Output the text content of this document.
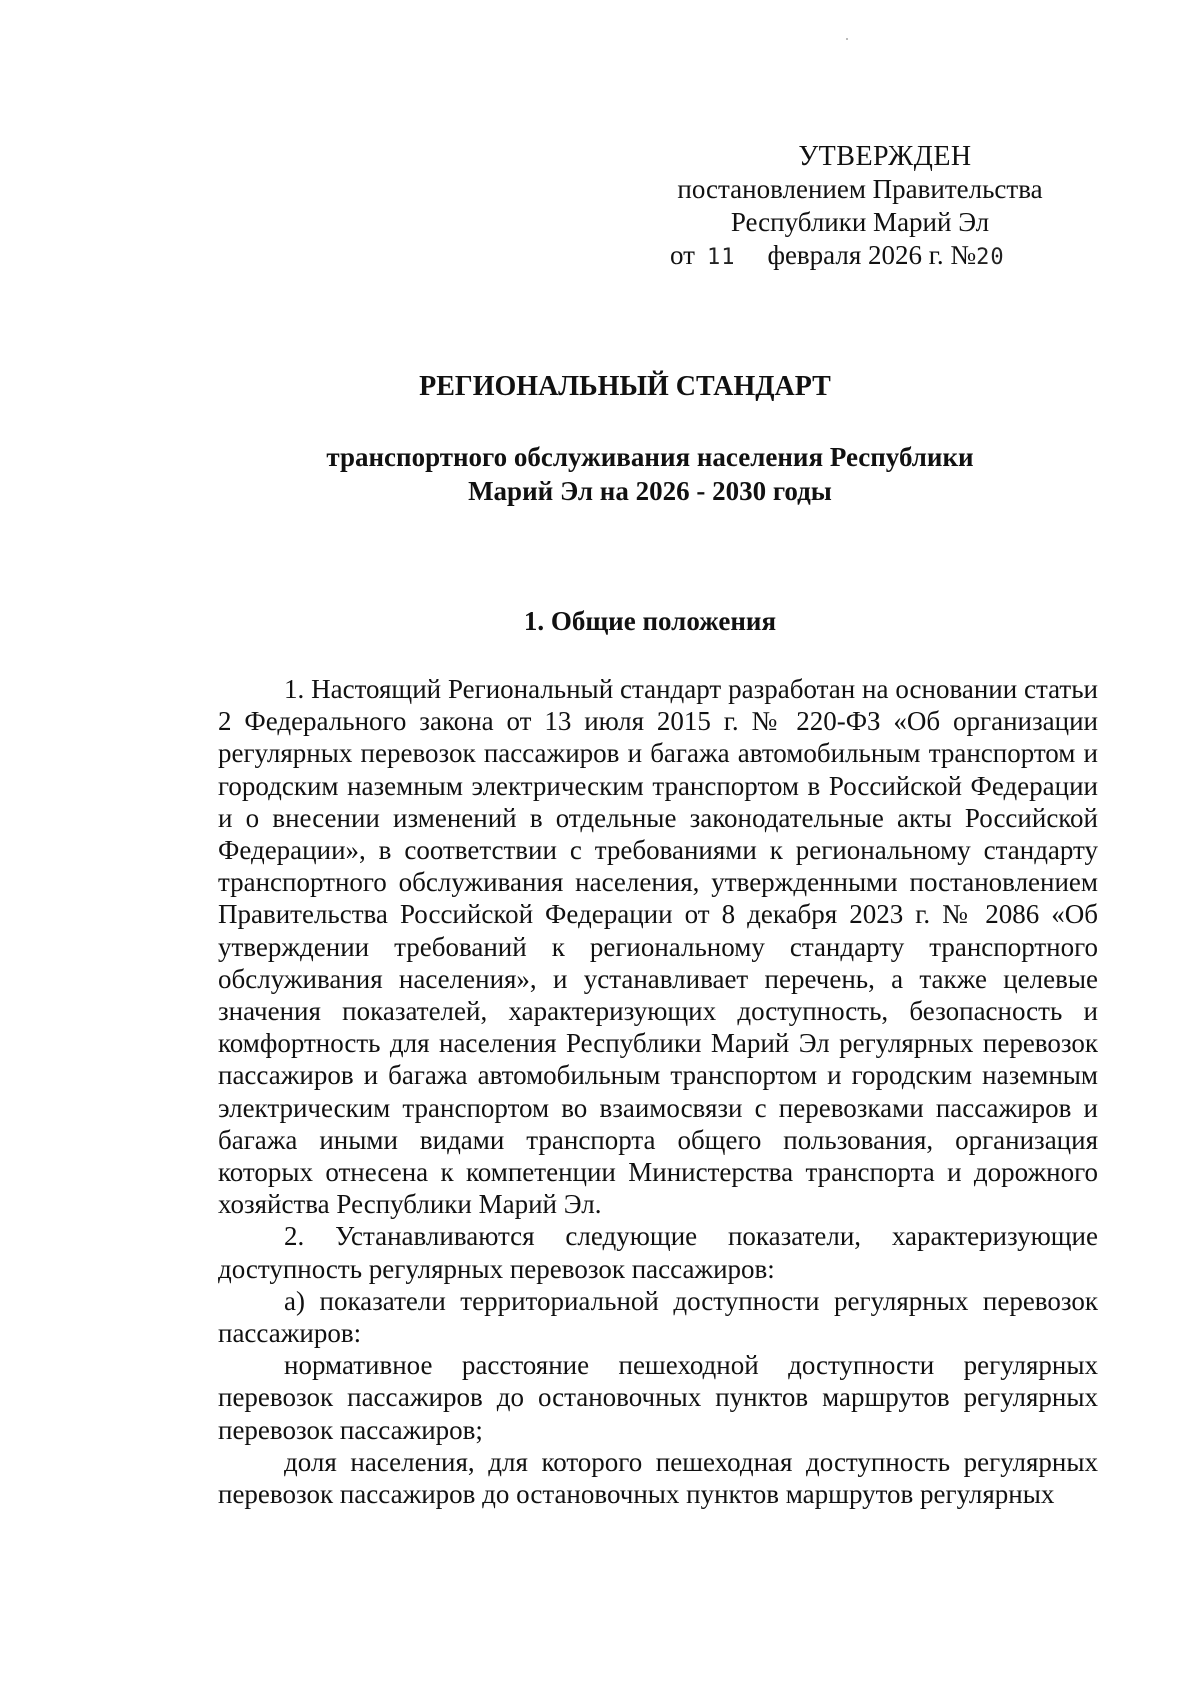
УТВЕРЖДЕН
постановлением Правительства
Республики Марий Эл
от 11 февраля 2026 г. №20
РЕГИОНАЛЬНЫЙ СТАНДАРТ
транспортного обслуживания населения Республики
Марий Эл на 2026 - 2030 годы
1. Общие положения

1. Настоящий Региональный стандарт разработан на основании статьи 2 Федерального закона от 13 июля 2015 г. № 220-ФЗ «Об организации регулярных перевозок пассажиров и багажа автомобильным транспортом и городским наземным электрическим транспортом в Российской Федерации и о внесении изменений в отдельные законодательные акты Российской Федерации», в соответствии с требованиями к региональному стандарту транспортного обслуживания населения, утвержденными постановлением Правительства Российской Федерации от 8 декабря 2023 г. № 2086 «Об утверждении требований к региональному стандарту транспортного обслуживания населения», и устанавливает перечень, а также целевые значения показателей, характеризующих доступность, безопасность и комфортность для населения Республики Марий Эл регулярных перевозок пассажиров и багажа автомобильным транспортом и городским наземным электрическим транспортом во взаимосвязи с перевозками пассажиров и багажа иными видами транспорта общего пользования, организация которых отнесена к компетенции Министерства транспорта и дорожного хозяйства Республики Марий Эл.

2. Устанавливаются следующие показатели, характеризующие доступность регулярных перевозок пассажиров:

а) показатели территориальной доступности регулярных перевозок пассажиров:

нормативное расстояние пешеходной доступности регулярных перевозок пассажиров до остановочных пунктов маршрутов регулярных перевозок пассажиров;

доля населения, для которого пешеходная доступность регулярных перевозок пассажиров до остановочных пунктов маршрутов регулярных
